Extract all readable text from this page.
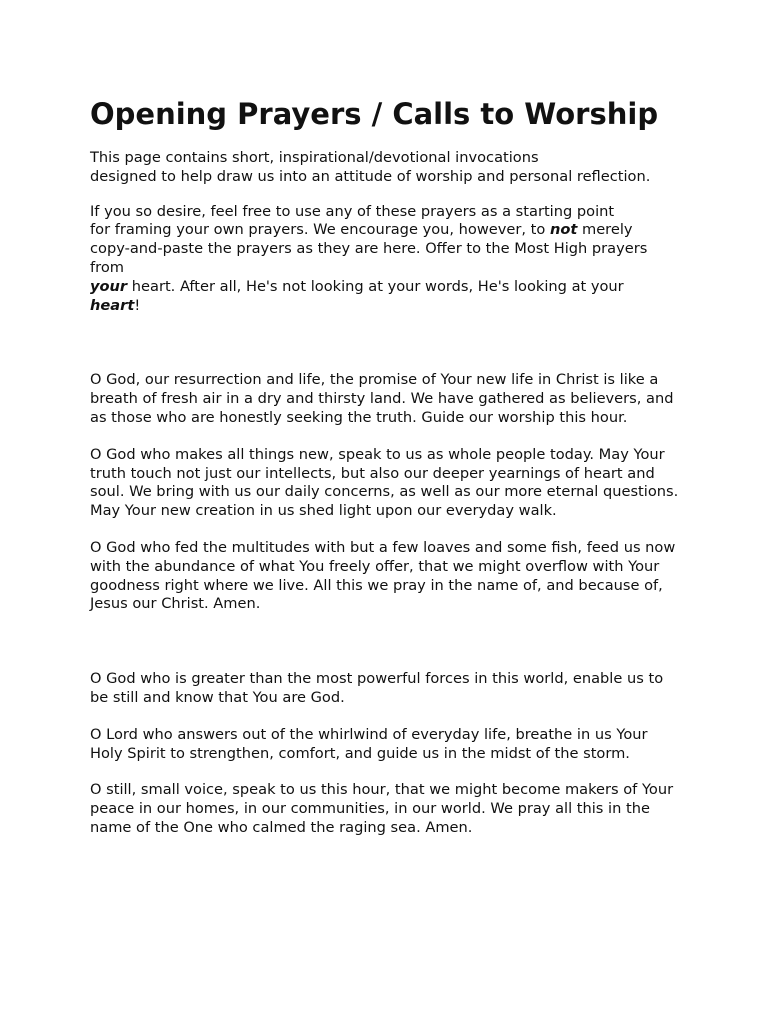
Opening Prayers / Calls to Worship

This page contains short, inspirational/devotional invocations
designed to help draw us into an attitude of worship and personal reflection.

If you so desire, feel free to use any of these prayers as a starting point
for framing your own prayers. We encourage you, however, to not merely
copy-and-paste the prayers as they are here. Offer to the Most High prayers
from
your heart. After all, He's not looking at your words, He's looking at your
heart!

O God, our resurrection and life, the promise of Your new life in Christ is like a breath of fresh air in a dry and thirsty land. We have gathered as believers, and as those who are honestly seeking the truth. Guide our worship this hour.

O God who makes all things new, speak to us as whole people today. May Your truth touch not just our intellects, but also our deeper yearnings of heart and soul. We bring with us our daily concerns, as well as our more eternal questions. May Your new creation in us shed light upon our everyday walk.

O God who fed the multitudes with but a few loaves and some fish, feed us now with the abundance of what You freely offer, that we might overflow with Your goodness right where we live. All this we pray in the name of, and because of, Jesus our Christ. Amen.

O God who is greater than the most powerful forces in this world, enable us to be still and know that You are God.

O Lord who answers out of the whirlwind of everyday life, breathe in us Your Holy Spirit to strengthen, comfort, and guide us in the midst of the storm.

O still, small voice, speak to us this hour, that we might become makers of Your peace in our homes, in our communities, in our world. We pray all this in the name of the One who calmed the raging sea. Amen.
